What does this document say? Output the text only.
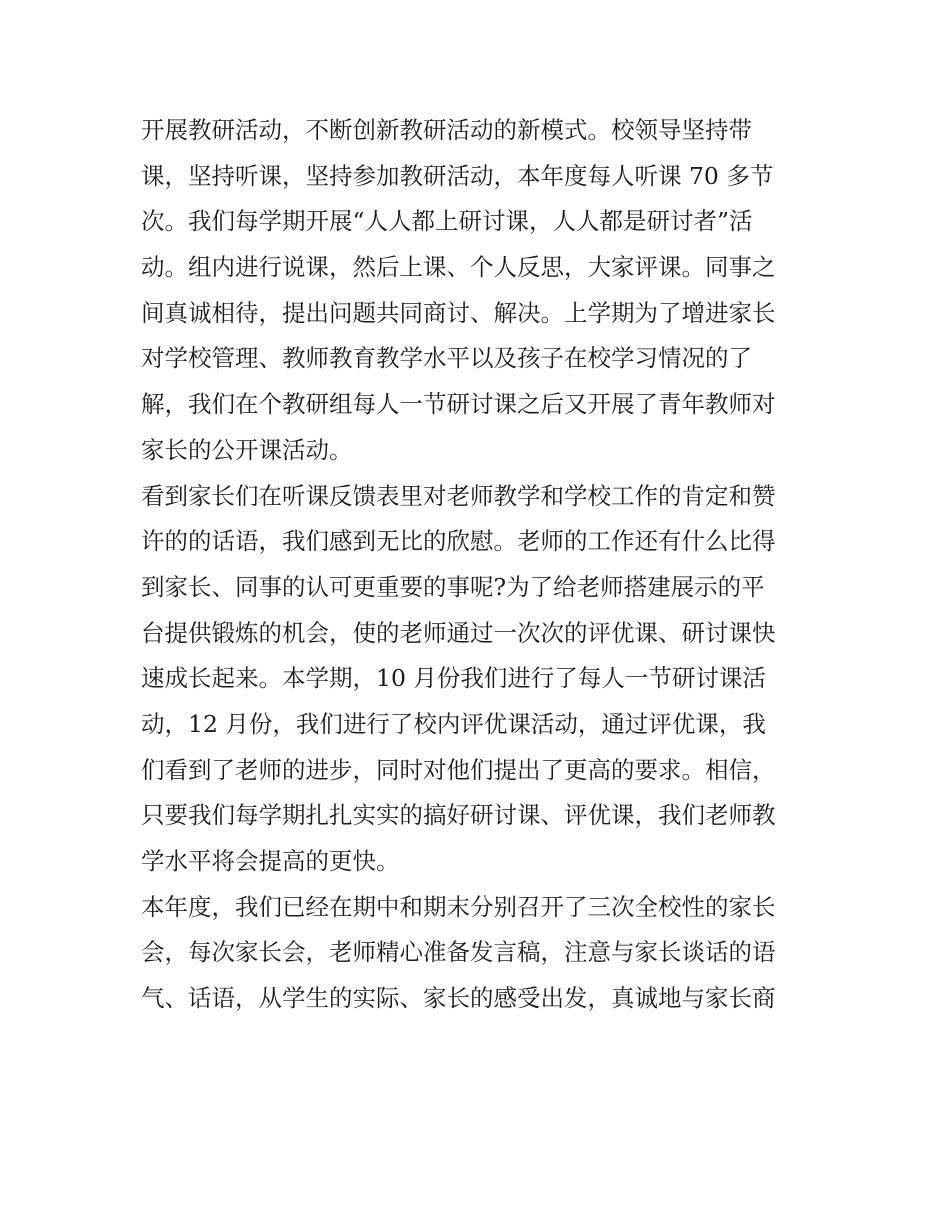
开展教研活动，不断创新教研活动的新模式。校领导坚持带
课，坚持听课，坚持参加教研活动，本年度每人听课 70 多节
次。我们每学期开展“人人都上研讨课，人人都是研讨者”活
动。组内进行说课，然后上课、个人反思，大家评课。同事之
间真诚相待，提出问题共同商讨、解决。上学期为了增进家长
对学校管理、教师教育教学水平以及孩子在校学习情况的了
解，我们在个教研组每人一节研讨课之后又开展了青年教师对
家长的公开课活动。
看到家长们在听课反馈表里对老师教学和学校工作的肯定和赞
许的的话语，我们感到无比的欣慰。老师的工作还有什么比得
到家长、同事的认可更重要的事呢?为了给老师搭建展示的平
台提供锻炼的机会，使的老师通过一次次的评优课、研讨课快
速成长起来。本学期，10 月份我们进行了每人一节研讨课活
动，12 月份，我们进行了校内评优课活动，通过评优课，我
们看到了老师的进步，同时对他们提出了更高的要求。相信，
只要我们每学期扎扎实实的搞好研讨课、评优课，我们老师教
学水平将会提高的更快。
本年度，我们已经在期中和期末分别召开了三次全校性的家长
会，每次家长会，老师精心准备发言稿，注意与家长谈话的语
气、话语，从学生的实际、家长的感受出发，真诚地与家长商
